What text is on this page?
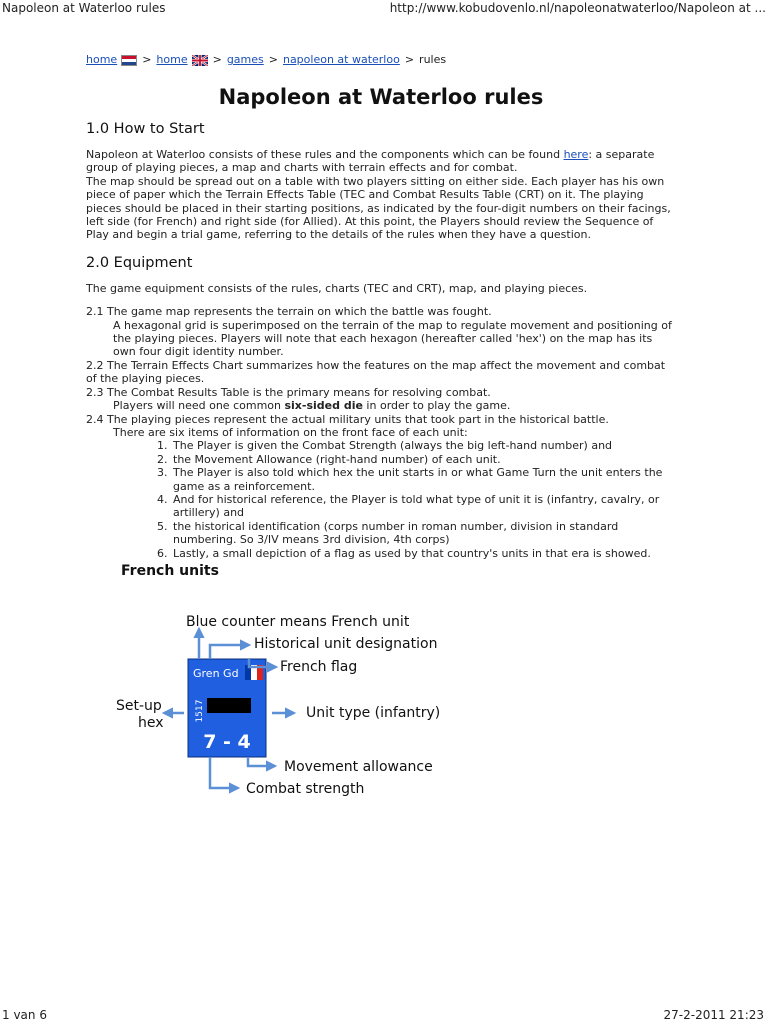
Napoleon at Waterloo rules	http://www.kobudovenlo.nl/napoleonatwaterloo/Napoleon at ...
home > home > games > napoleon at waterloo > rules
Napoleon at Waterloo rules
1.0 How to Start

Napoleon at Waterloo consists of these rules and the components which can be found here: a separate group of playing pieces, a map and charts with terrain effects and for combat.

The map should be spread out on a table with two players sitting on either side. Each player has his own piece of paper which the Terrain Effects Table (TEC and Combat Results Table (CRT) on it. The playing pieces should be placed in their starting positions, as indicated by the four-digit numbers on their facings, left side (for French) and right side (for Allied). At this point, the Players should review the Sequence of Play and begin a trial game, referring to the details of the rules when they have a question.

2.0 Equipment

The game equipment consists of the rules, charts (TEC and CRT), map, and playing pieces.

2.1 The game map represents the terrain on which the battle was fought.

A hexagonal grid is superimposed on the terrain of the map to regulate movement and positioning of the playing pieces. Players will note that each hexagon (hereafter called 'hex') on the map has its own four digit identity number.

2.2 The Terrain Effects Chart summarizes how the features on the map affect the movement and combat of the playing pieces.

2.3 The Combat Results Table is the primary means for resolving combat.

Players will need one common six-sided die in order to play the game.

2.4 The playing pieces represent the actual military units that took part in the historical battle.

There are six items of information on the front face of each unit:

1. The Player is given the Combat Strength (always the big left-hand number) and
2. the Movement Allowance (right-hand number) of each unit.
3. The Player is also told which hex the unit starts in or what Game Turn the unit enters the game as a reinforcement.
4. And for historical reference, the Player is told what type of unit it is (infantry, cavalry, or artillery) and
5. the historical identification (corps number in roman number, division in standard numbering. So 3/IV means 3rd division, 4th corps)
6. Lastly, a small depiction of a flag as used by that country's units in that era is showed.
French units
Gren Gd
1517
7 - 4
Blue counter means French unit
Historical unit designation
French flag
Set-up
hex
Unit type (infantry)
Movement allowance
Combat strength
1 van 6	27-2-2011 21:23
